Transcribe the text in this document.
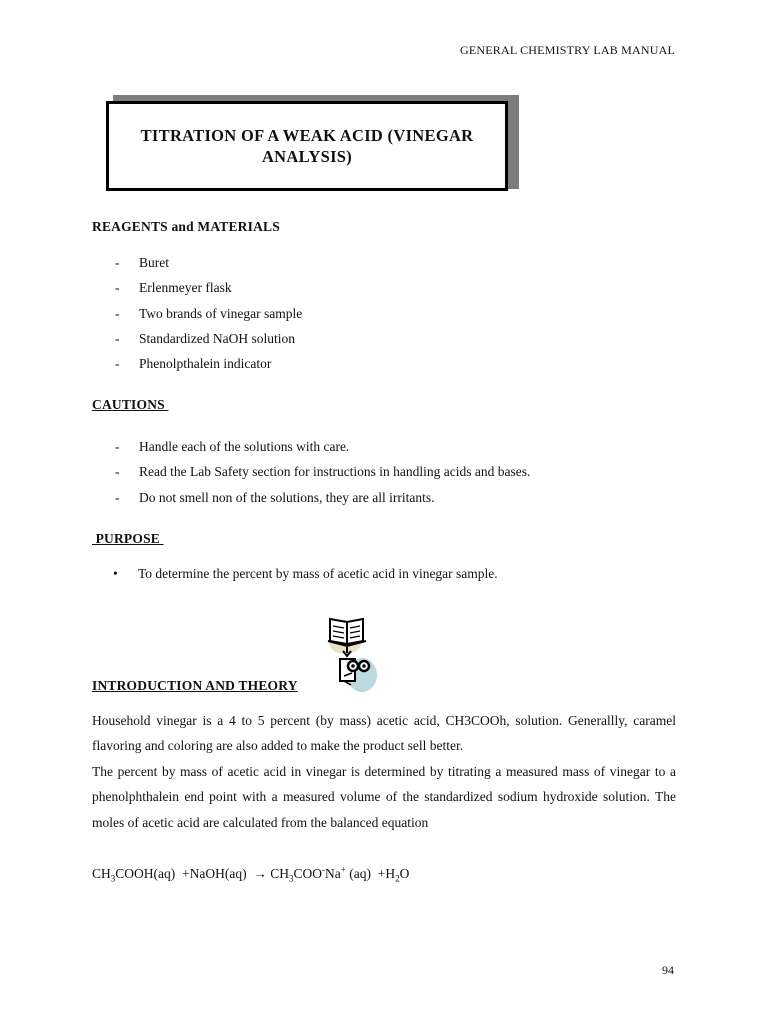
GENERAL CHEMISTRY LAB MANUAL
TITRATION OF A WEAK ACID (VINEGAR
ANALYSIS)
REAGENTS and MATERIALS
- Buret
- Erlenmeyer flask
- Two brands of vinegar sample
- Standardized NaOH solution
- Phenolpthalein indicator
CAUTIONS
- Handle each of the solutions with care.
- Read the Lab Safety section for instructions in handling acids and bases.
- Do not smell non of the solutions, they are all irritants.
PURPOSE
• To determine the percent by mass of acetic acid in vinegar sample.
INTRODUCTION AND THEORY

Household vinegar is a 4 to 5 percent (by mass) acetic acid, CH3COOh, solution. Generallly, caramel flavoring and coloring are also added to make the product sell better.

The percent by mass of acetic acid in vinegar is determined by titrating a measured mass of vinegar to a phenolphthalein end point with a measured volume of the standardized sodium hydroxide solution. The moles of acetic acid are calculated from the balanced equation

$CH_3COOH(aq)$ +NaOH(aq) → $CH_3COO^-Na^+$ $(aq) +H_2O$
94
